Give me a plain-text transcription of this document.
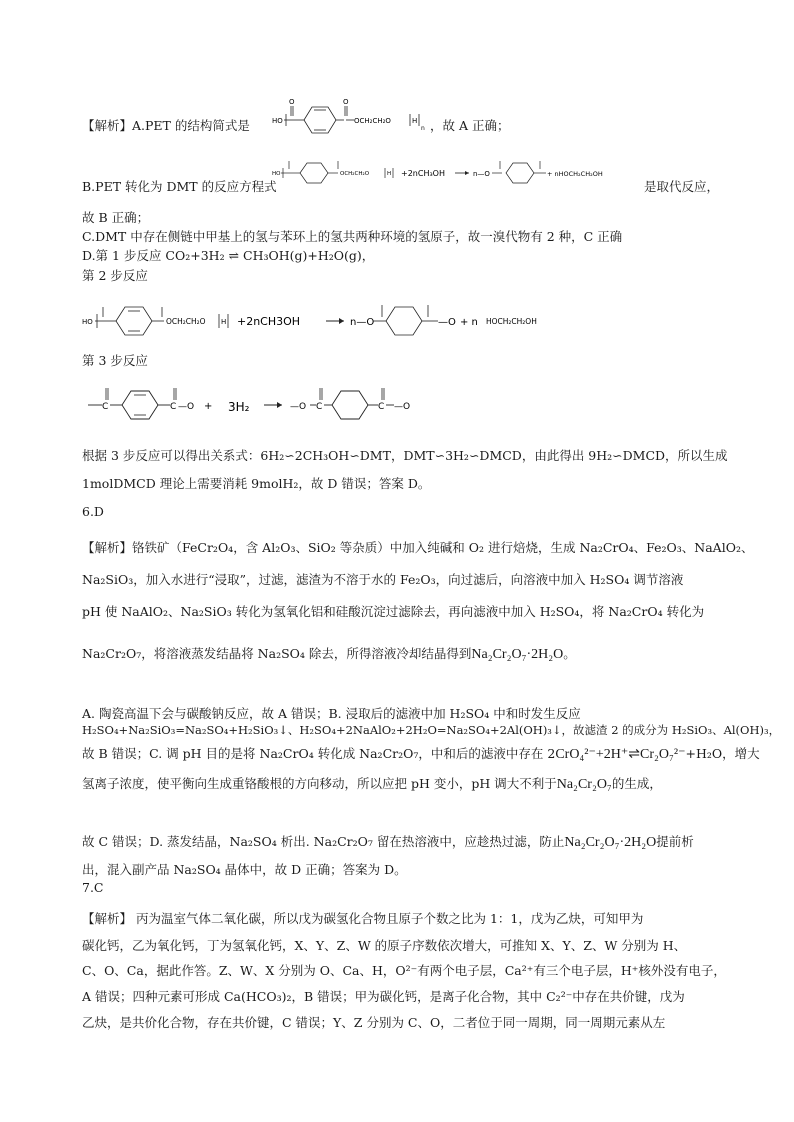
【解析】A.PET 的结构简式是	HO
O	O
OCH₂CH₂O	H
n ，故 A 正确；
B.PET 转化为 DMT 的反应方程式
HO	OCH₂CH₂O	H +2nCH₃OH	n—O	+ nHOCH₂CH₂OH
是取代反应，
故 B 正确；
C.DMT 中存在侧链中甲基上的氢与苯环上的氢共两种环境的氢原子，故一溴代物有 2 种，C 正确
D.第 1 步反应 CO₂+3H₂ ⇌ CH₃OH(g)+H₂O(g)，
第 2 步反应
HO	OCH₂CH₂O H +2nCH3OH	n—O	—O + n HOCH₂CH₂OH
第 3 步反应
C	C —O + 3H₂	—O C	C —O
根据 3 步反应可以得出关系式：6H₂∽2CH₃OH∽DMT，DMT∽3H₂∽DMCD，由此得出 9H₂∽DMCD，所以生成
1molDMCD 理论上需要消耗 9molH₂，故 D 错误；答案 D。
6.D
【解析】铬铁矿（FeCr₂O₄，含 Al₂O₃、SiO₂ 等杂质）中加入纯碱和 O₂ 进行焙烧，生成 Na₂CrO₄、Fe₂O₃、NaAlO₂、
Na₂SiO₃，加入水进行“浸取”，过滤，滤渣为不溶于水的 Fe₂O₃，向过滤后，向溶液中加入 H₂SO₄ 调节溶液
pH 使 NaAlO₂、Na₂SiO₃ 转化为氢氧化铝和硅酸沉淀过滤除去，再向滤液中加入 H₂SO₄，将 Na₂CrO₄ 转化为
Na₂Cr₂O₇，将溶液蒸发结晶将 Na₂SO₄ 除去，所得溶液冷却结晶得到Na₂Cr₂O₇·2H₂O。
A. 陶瓷高温下会与碳酸钠反应，故 A 错误；B. 浸取后的滤液中加 H₂SO₄ 中和时发生反应
H₂SO₄+Na₂SiO₃=Na₂SO₄+H₂SiO₃↓、H₂SO₄+2NaAlO₂+2H₂O=Na₂SO₄+2Al(OH)₃↓，故滤渣 2 的成分为 H₂SiO₃、Al(OH)₃，
故 B 错误；C. 调 pH 目的是将 Na₂CrO₄ 转化成 Na₂Cr₂O₇，中和后的滤液中存在 2CrO₄²⁻+2H⁺⇌Cr₂O₇²⁻+H₂O，增大
氢离子浓度，使平衡向生成重铬酸根的方向移动，所以应把 pH 变小，pH 调大不利于Na₂Cr₂O₇的生成，
故 C 错误；D. 蒸发结晶，Na₂SO₄ 析出. Na₂Cr₂O₇ 留在热溶液中，应趁热过滤，防止Na₂Cr₂O₇·2H₂O提前析
出，混入副产品 Na₂SO₄ 晶体中，故 D 正确；答案为 D。
7.C
【解析】 丙为温室气体二氧化碳，所以戊为碳氢化合物且原子个数之比为 1：1，戊为乙炔，可知甲为
碳化钙，乙为氧化钙，丁为氢氧化钙，X、Y、Z、W 的原子序数依次增大，可推知 X、Y、Z、W 分别为 H、
C、O、Ca，据此作答。Z、W、X 分别为 O、Ca、H，O²⁻有两个电子层，Ca²⁺有三个电子层，H⁺核外没有电子，
A 错误；四种元素可形成 Ca(HCO₃)₂，B 错误；甲为碳化钙，是离子化合物，其中 C₂²⁻中存在共价键，戊为
乙炔，是共价化合物，存在共价键，C 错误；Y、Z 分别为 C、O，二者位于同一周期，同一周期元素从左
